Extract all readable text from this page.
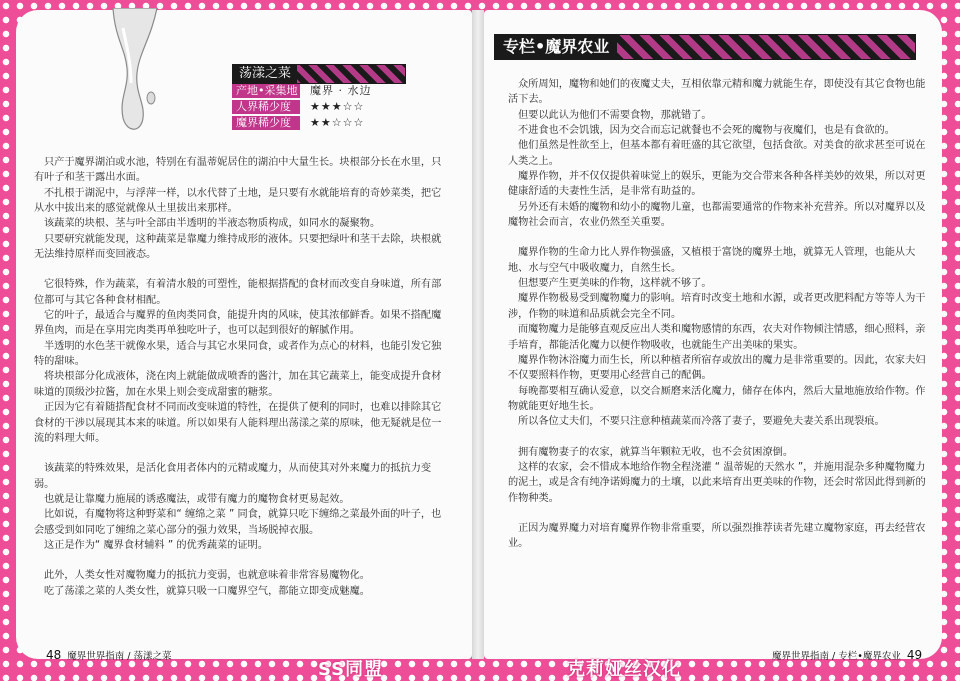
荡漾之菜
产地•采集地 魔界 · 水边
人界稀少度 ★★★☆☆
魔界稀少度 ★★☆☆☆

只产于魔界湖泊或水池，特别在有温蒂妮居住的湖泊中大量生长。块根部分长在水里，只有叶子和茎干露出水面。

不扎根于湖泥中，与浮萍一样，以水代替了土地，是只要有水就能培育的奇妙菜类，把它从水中拔出来的感觉就像从土里拔出来那样。

该蔬菜的块根、茎与叶全部由半透明的半液态物质构成，如同水的凝聚物。

只要研究就能发现，这种蔬菜是靠魔力维持成形的液体。只要把绿叶和茎干去除，块根就无法维持原样而变回液态。

它很特殊，作为蔬菜，有着清水般的可塑性，能根据搭配的食材而改变自身味道，所有部位都可与其它各种食材相配。

它的叶子，最适合与魔界的鱼肉类同食，能提升肉的风味，使其浓郁鲜香。如果不搭配魔界鱼肉，而是在享用完肉类再单独吃叶子，也可以起到很好的解腻作用。

半透明的水色茎干就像水果，适合与其它水果同食，或者作为点心的材料，也能引发它独特的甜味。

将块根部分化成液体，浇在肉上就能做成喷香的酱汁，加在其它蔬菜上，能变成提升食材味道的顶级沙拉酱，加在水果上则会变成甜蜜的糖浆。

正因为它有着随搭配食材不同而改变味道的特性，在提供了便利的同时，也难以排除其它食材的干涉以展现其本来的味道。所以如果有人能料理出荡漾之菜的原味，他无疑就是位一流的料理大师。

该蔬菜的特殊效果，是活化食用者体内的元精或魔力，从而使其对外来魔力的抵抗力变弱。

也就是让靠魔力施展的诱惑魔法，或带有魔力的魔物食材更易起效。

比如说，有魔物将这种野菜和“ 缠绵之菜 ” 同食，就算只吃下缠绵之菜最外面的叶子，也会感受到如同吃了缠绵之菜心部分的强力效果，当场脱掉衣服。

这正是作为“ 魔界食材辅料 ” 的优秀蔬菜的证明。

此外，人类女性对魔物魔力的抵抗力变弱，也就意味着非常容易魔物化。

吃了荡漾之菜的人类女性，就算只吸一口魔界空气，都能立即变成魅魔。

专栏•魔界农业

众所周知，魔物和她们的夜魔丈夫，互相依靠元精和魔力就能生存，即使没有其它食物也能活下去。

但要以此认为他们不需要食物，那就错了。

不进食也不会饥饿，因为交合而忘记就餐也不会死的魔物与夜魔们，也是有食欲的。

他们虽然是性欲至上，但基本都有着旺盛的其它欲望，包括食欲。对美食的欲求甚至可说在人类之上。

魔界作物，并不仅仅提供着味觉上的娱乐，更能为交合带来各种各样美妙的效果，所以对更健康舒适的夫妻性生活，是非常有助益的。

另外还有未婚的魔物和幼小的魔物儿童，也都需要通常的作物来补充营养。所以对魔界以及魔物社会而言，农业仍然至关重要。

魔界作物的生命力比人界作物强盛，又植根于富饶的魔界土地，就算无人管理，也能从大地、水与空气中吸收魔力，自然生长。

但想要产生更美味的作物，这样就不够了。

魔界作物极易受到魔物魔力的影响。培育时改变土地和水源，或者更改肥料配方等等人为干涉，作物的味道和品质就会完全不同。

而魔物魔力是能够直观反应出人类和魔物感情的东西，农夫对作物倾注情感，细心照料，亲手培育，都能活化魔力以便作物吸收，也就能生产出美味的果实。

魔界作物沐浴魔力而生长，所以种植者所宿存或放出的魔力是非常重要的。因此，农家夫妇不仅要照料作物，更要用心经营自己的配偶。

每晚都要相互确认爱意，以交合厮磨来活化魔力，储存在体内，然后大量地施放给作物。作物就能更好地生长。

所以各位丈夫们，不要只注意种植蔬菜而冷落了妻子，要避免夫妻关系出现裂痕。

拥有魔物妻子的农家，就算当年颗粒无收，也不会贫困潦倒。

这样的农家，会不惜成本地给作物全程浇灌 “ 温蒂妮的天然水 ”，并施用混杂多种魔物魔力的泥土，或是含有纯净诺姆魔力的土壤，以此来培育出更美味的作物，还会时常因此得到新的作物种类。

正因为魔界魔力对培育魔界作物非常重要，所以强烈推荐读者先建立魔物家庭，再去经营农业。

48 魔界世界指南 / 荡漾之菜	魔界世界指南 / 专栏•魔界农业 49
SS同盟	克莉娅丝汉化
